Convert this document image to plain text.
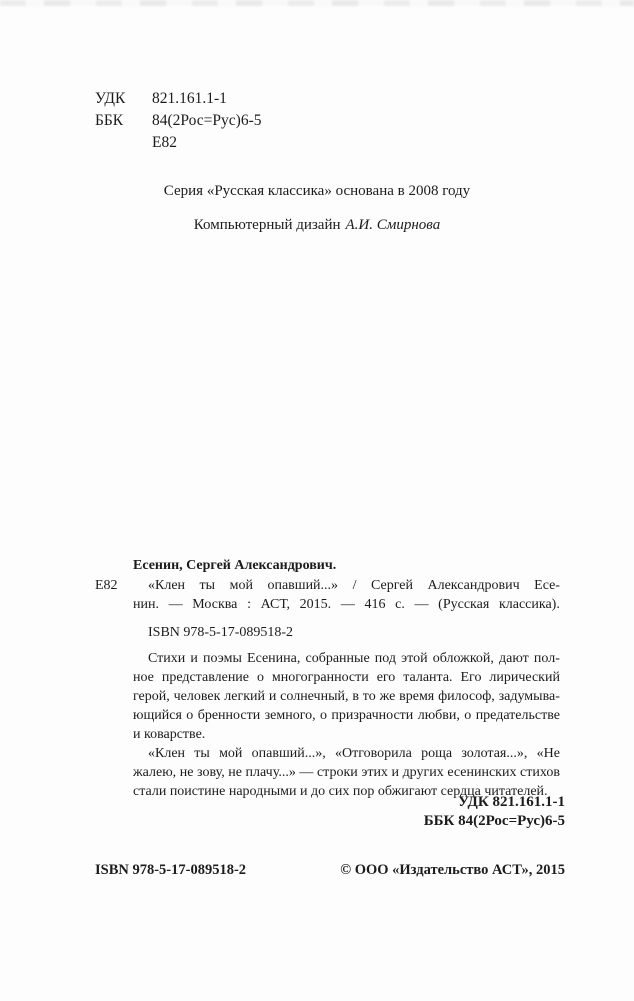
УДК	821.161.1-1
ББК	84(2Рос=Рус)6-5
Е82
Серия «Русская классика» основана в 2008 году
Компьютерный дизайн А.И. Смирнова
Есенин, Сергей Александрович.
Е82 «Клен ты мой опавший...» / Сергей Александрович Есе-
нин. — Москва : АСТ, 2015. — 416 с. — (Русская классика).
ISBN 978-5-17-089518-2
Стихи и поэмы Есенина, собранные под этой обложкой, дают пол-
ное представление о многогранности его таланта. Его лирический
герой, человек легкий и солнечный, в то же время философ, задумыва-
ющийся о бренности земного, о призрачности любви, о предательстве
и коварстве.
«Клен ты мой опавший...», «Отговорила роща золотая...», «Не
жалею, не зову, не плачу...» — строки этих и других есенинских стихов
стали поистине народными и до сих пор обжигают сердца читателей.
УДК 821.161.1-1
ББК 84(2Рос=Рус)6-5
ISBN 978-5-17-089518-2	© ООО «Издательство АСТ», 2015
